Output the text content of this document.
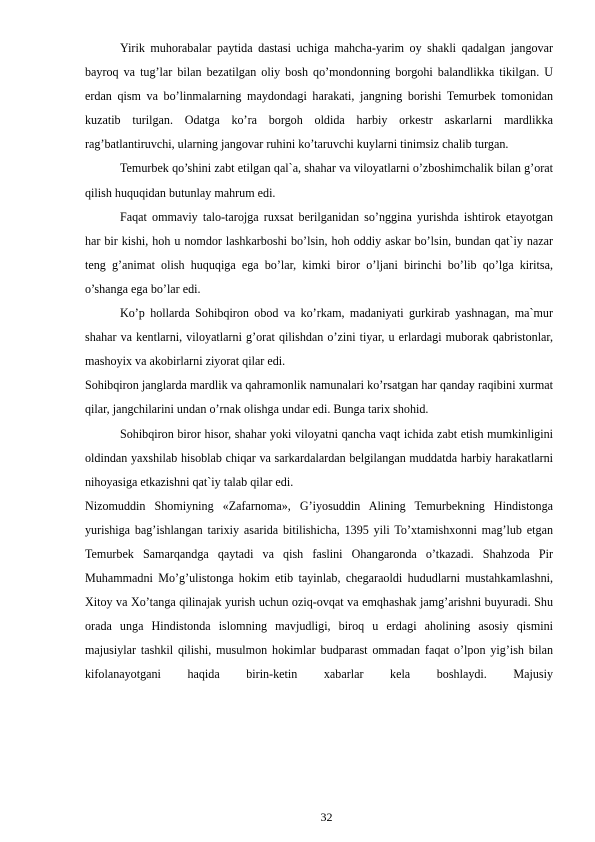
Yirik muhorabalar paytida dastasi uchiga mahcha-yarim oy shakli qadalgan jangovar bayroq va tug’lar bilan bezatilgan oliy bosh qo’mondonning borgohi balandlikka tikilgan. U erdan qism va bo’linmalarning maydondagi harakati, jangning borishi Temurbek tomonidan kuzatib turilgan. Odatga ko’ra borgoh oldida harbiy orkestr askarlarni mardlikka rag’batlantiruvchi, ularning jangovar ruhini ko’taruvchi kuylarni tinimsiz chalib turgan.

Temurbek qo’shini zabt etilgan qal`a, shahar va viloyatlarni o’zboshimchalik bilan g’orat qilish huquqidan butunlay mahrum edi.

Faqat ommaviy talo-tarojga ruxsat berilganidan so’nggina yurishda ishtirok etayotgan har bir kishi, hoh u nomdor lashkarboshi bo’lsin, hoh oddiy askar bo’lsin, bundan qat`iy nazar teng g’animat olish huquqiga ega bo’lar, kimki biror o’ljani birinchi bo’lib qo’lga kiritsa, o’shanga ega bo’lar edi.

Ko’p hollarda Sohibqiron obod va ko’rkam, madaniyati gurkirab yashnagan, ma`mur shahar va kentlarni, viloyatlarni g’orat qilishdan o’zini tiyar, u erlardagi muborak qabristonlar, mashoyix va akobirlarni ziyorat qilar edi.

Sohibqiron janglarda mardlik va qahramonlik namunalari ko’rsatgan har qanday raqibini xurmat qilar, jangchilarini undan o’rnak olishga undar edi. Bunga tarix shohid.

Sohibqiron biror hisor, shahar yoki viloyatni qancha vaqt ichida zabt etish mumkinligini oldindan yaxshilab hisoblab chiqar va sarkardalardan belgilangan muddatda harbiy harakatlarni nihoyasiga etkazishni qat`iy talab qilar edi.

Nizomuddin Shomiyning «Zafarnoma», G’iyosuddin Alining Temurbekning Hindistonga yurishiga bag’ishlangan tarixiy asarida bitilishicha, 1395 yili To’xtamishxonni mag’lub etgan Temurbek Samarqandga qaytadi va qish faslini Ohangaronda o’tkazadi. Shahzoda Pir Muhammadni Mo’g’ulistonga hokim etib tayinlab, chegaraoldi hududlarni mustahkamlashni, Xitoy va Xo’tanga qilinajak yurish uchun oziq-ovqat va emqhashak jamg’arishni buyuradi. Shu orada unga Hindistonda islomning mavjudligi, biroq u erdagi aholining asosiy qismini majusiylar tashkil qilishi, musulmon hokimlar budparast ommadan faqat o’lpon yig’ish bilan kifolanayotgani haqida birin-ketin xabarlar kela boshlaydi. Majusiy

32
